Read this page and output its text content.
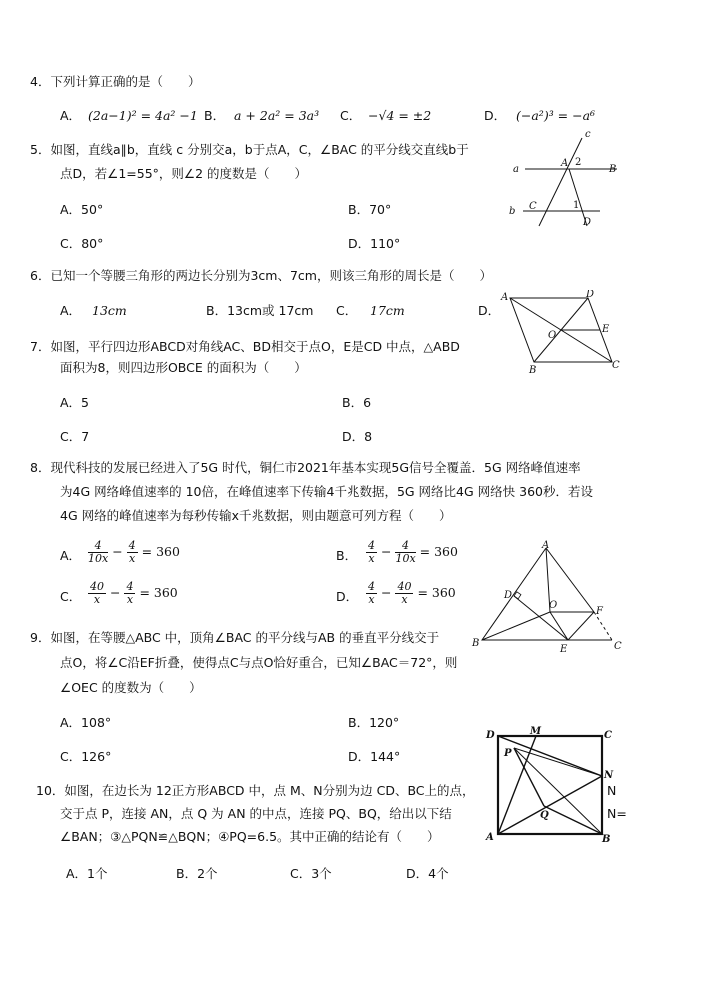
4．下列计算正确的是（　　）
A． (2a−1)² = 4a² −1 B． a + 2a² = 3a³ C． −√4 = ±2	D． (−a²)³ = −a⁶
5．如图，直线a∥b，直线 c 分别交a，b于点A，C，∠BAC 的平分线交直线b于
点D，若∠1=55°，则∠2 的度数是（　　）
A．50°	B．70°
C．80°	D．110°
c
a
A 2
B
b C	1
D
6．已知一个等腰三角形的两边长分别为3cm、7cm，则该三角形的周长是（　　）
A． 13cm	B．13cm或 17cm C． 17cm	D．
A	D
E
O
B	C
7．如图，平行四边形ABCD对角线AC、BD相交于点O，E是CD 中点，△ABD
面积为8，则四边形OBCE 的面积为（　　）
A．5	B．6
C．7	D．8
8．现代科技的发展已经进入了5G 时代，铜仁市2021年基本实现5G信号全覆盖．5G 网络峰值速率
为4G 网络峰值速率的 10倍，在峰值速率下传输4千兆数据，5G 网络比4G 网络快 360秒．若设
4G 网络的峰值速率为每秒传输x千兆数据，则由题意可列方程（　　）
A． $\frac{4}{10x} - \frac{4}{x} = 360$	B． $\frac{4}{x} - \frac{4}{10x} = 360$
C． $\frac{40}{x} - \frac{4}{x} = 360$	D． $\frac{4}{x} - \frac{40}{x} = 360$
A
D
O
F
B
E	C
9．如图，在等腰△ABC 中，顶角∠BAC 的平分线与AB 的垂直平分线交于
点O，将∠C沿EF折叠，使得点C与点O恰好重合，已知∠BAC＝72°，则
∠OEC 的度数为（　　）
A．108°	B．120°
C．126°	D．144°
10．如图，在边长为 12正方形ABCD 中，点 M、N分别为边 CD、BC上的点，
交于点 P，连接 AN，点 Q 为 AN 的中点，连接 PQ、BQ，给出以下结
∠BAN；③△PQN≌△BQN；④PQ=6.5。其中正确的结论有（　　）
N
N=
D	M	C
P
N
Q
A	B
A．1个	B．2个	C．3个	D．4个
